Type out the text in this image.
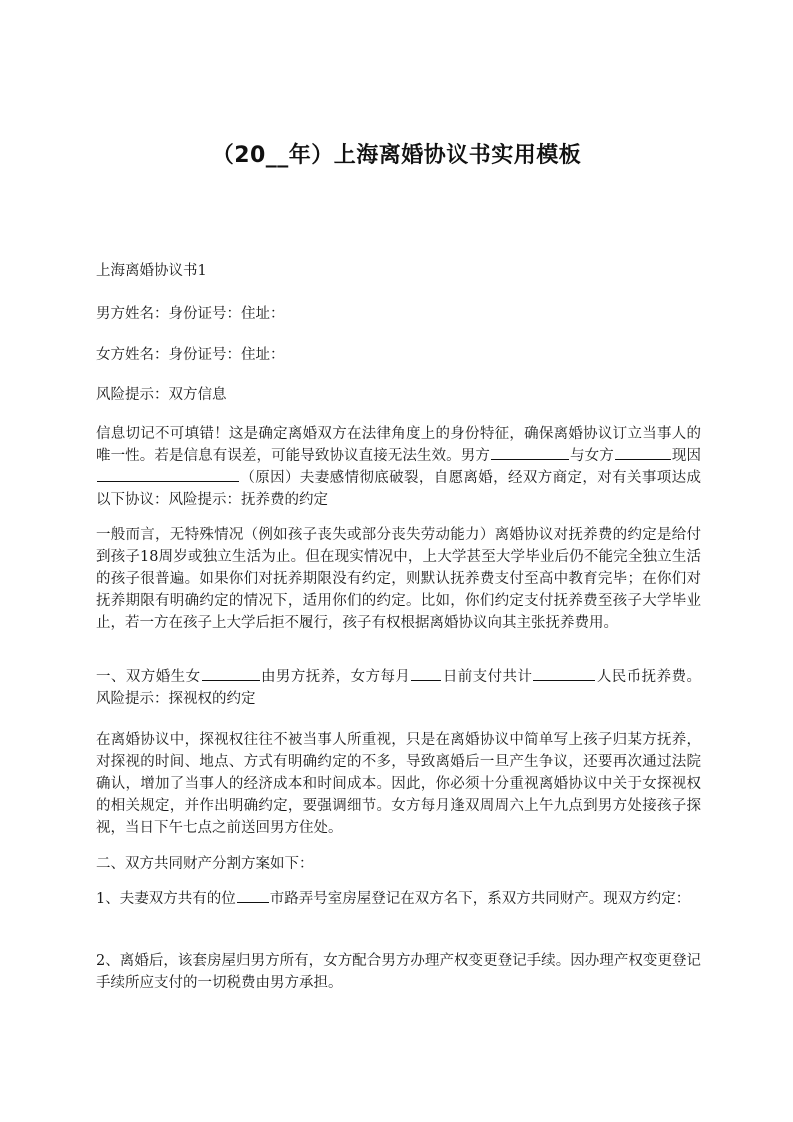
（20__年）上海离婚协议书实用模板

上海离婚协议书1

男方姓名：身份证号：住址：

女方姓名：身份证号：住址：

风险提示：双方信息

信息切记不可填错！这是确定离婚双方在法律角度上的身份特征，确保离婚协议订立当事人的唯一性。若是信息有误差，可能导致协议直接无法生效。男方	与女方	现因（原因）夫妻感情彻底破裂，自愿离婚，经双方商定，对有关事项达成以下协议：风险提示：抚养费的约定

一般而言，无特殊情况（例如孩子丧失或部分丧失劳动能力）离婚协议对抚养费的约定是给付到孩子18周岁或独立生活为止。但在现实情况中，上大学甚至大学毕业后仍不能完全独立生活的孩子很普遍。如果你们对抚养期限没有约定，则默认抚养费支付至高中教育完毕；在你们对抚养期限有明确约定的情况下，适用你们的约定。比如，你们约定支付抚养费至孩子大学毕业止，若一方在孩子上大学后拒不履行，孩子有权根据离婚协议向其主张抚养费用。

一、双方婚生女	由男方抚养，女方每月 日前支付共计	人民币抚养费。风险提示：探视权的约定

在离婚协议中，探视权往往不被当事人所重视，只是在离婚协议中简单写上孩子归某方抚养，对探视的时间、地点、方式有明确约定的不多，导致离婚后一旦产生争议，还要再次通过法院确认，增加了当事人的经济成本和时间成本。因此，你必须十分重视离婚协议中关于女探视权的相关规定，并作出明确约定，要强调细节。女方每月逢双周周六上午九点到男方处接孩子探视，当日下午七点之前送回男方住处。

二、双方共同财产分割方案如下：

1、夫妻双方共有的位 市路弄号室房屋登记在双方名下，系双方共同财产。现双方约定：

2、离婚后，该套房屋归男方所有，女方配合男方办理产权变更登记手续。因办理产权变更登记手续所应支付的一切税费由男方承担。
